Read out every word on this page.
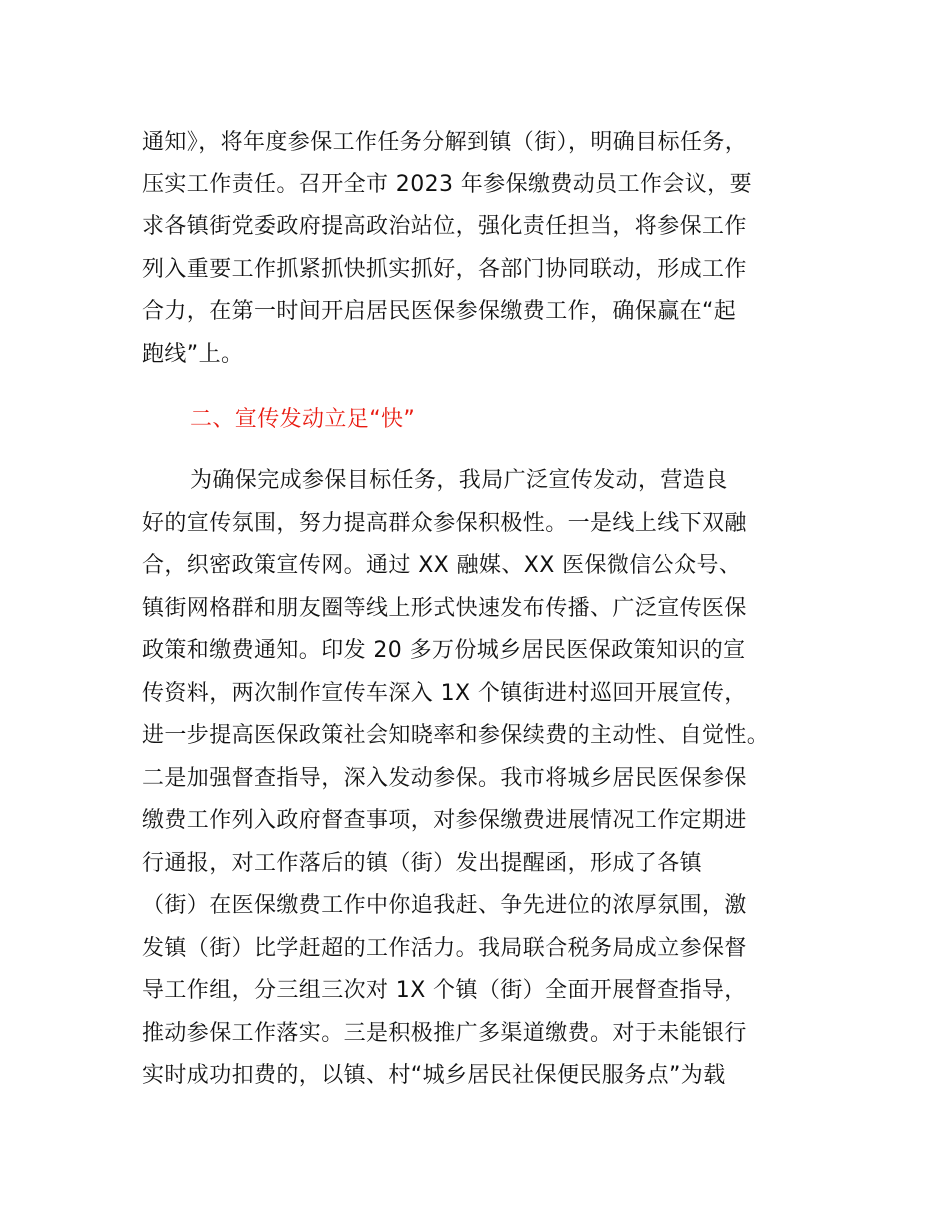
通知》，将年度参保工作任务分解到镇（街），明确目标任务，
压实工作责任。召开全市 2023 年参保缴费动员工作会议，要
求各镇街党委政府提高政治站位，强化责任担当，将参保工作
列入重要工作抓紧抓快抓实抓好，各部门协同联动，形成工作
合力，在第一时间开启居民医保参保缴费工作，确保赢在“起
跑线”上。
二、宣传发动立足“快”
为确保完成参保目标任务，我局广泛宣传发动，营造良
好的宣传氛围，努力提高群众参保积极性。一是线上线下双融
合，织密政策宣传网。通过 XX 融媒、XX 医保微信公众号、
镇街网格群和朋友圈等线上形式快速发布传播、广泛宣传医保
政策和缴费通知。印发 20 多万份城乡居民医保政策知识的宣
传资料，两次制作宣传车深入 1X 个镇街进村巡回开展宣传，
进一步提高医保政策社会知晓率和参保续费的主动性、自觉性。
二是加强督查指导，深入发动参保。我市将城乡居民医保参保
缴费工作列入政府督查事项，对参保缴费进展情况工作定期进
行通报，对工作落后的镇（街）发出提醒函，形成了各镇
（街）在医保缴费工作中你追我赶、争先进位的浓厚氛围，激
发镇（街）比学赶超的工作活力。我局联合税务局成立参保督
导工作组，分三组三次对 1X 个镇（街）全面开展督查指导，
推动参保工作落实。三是积极推广多渠道缴费。对于未能银行
实时成功扣费的，以镇、村“城乡居民社保便民服务点”为载
